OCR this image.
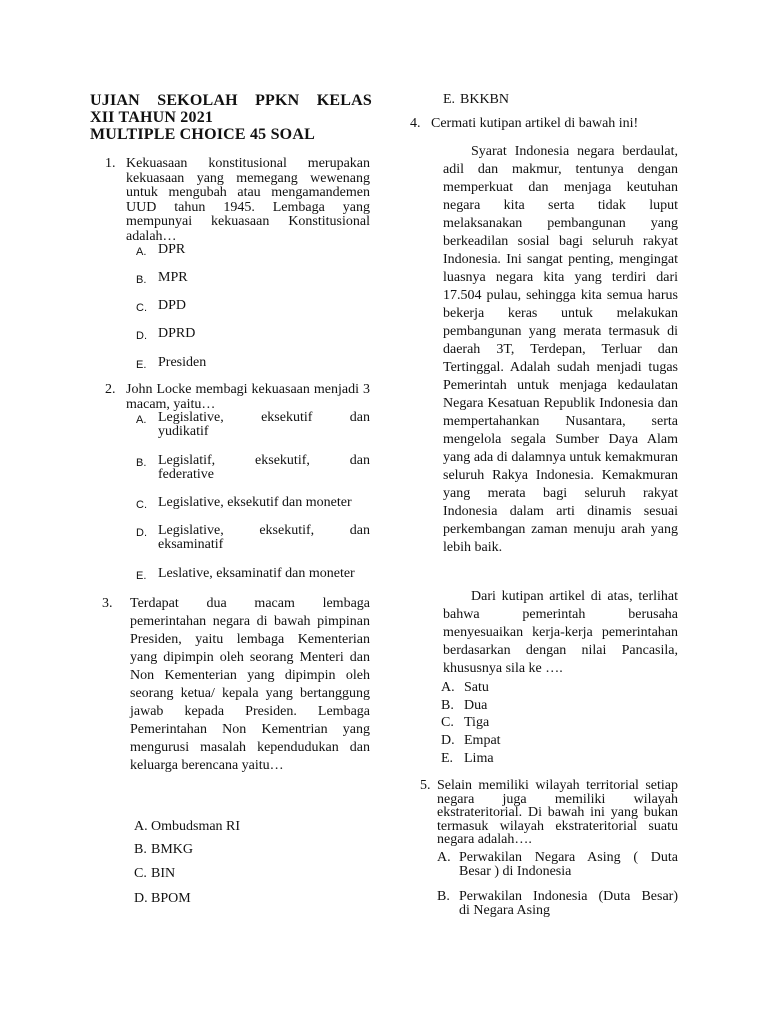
UJIAN SEKOLAH PPKN KELAS
XII TAHUN 2021
MULTIPLE CHOICE 45 SOAL
1. Kekuasaan konstitusional merupakan kekuasaan yang memegang wewenang untuk mengubah atau mengamandemen UUD tahun 1945. Lembaga yang mempunyai kekuasaan Konstitusional adalah…
A. DPR
B. MPR
C. DPD
D. DPRD
E. Presiden
2. John Locke membagi kekuasaan menjadi 3 macam, yaitu…
A. Legislative, eksekutif dan
yudikatif
B. Legislatif, eksekutif, dan
federative
C. Legislative, eksekutif dan moneter
D. Legislative, eksekutif, dan
eksaminatif
E. Leslative, eksaminatif dan moneter
3. Terdapat dua macam lembaga pemerintahan negara di bawah pimpinan Presiden, yaitu lembaga Kementerian yang dipimpin oleh seorang Menteri dan Non Kementerian yang dipimpin oleh seorang ketua/ kepala yang bertanggung jawab kepada Presiden. Lembaga Pemerintahan Non Kementrian yang mengurusi masalah kependudukan dan keluarga berencana yaitu…
A. Ombudsman RI
B. BMKG
C. BIN
D. BPOM
E. BKKBN
4. Cermati kutipan artikel di bawah ini!
Syarat Indonesia negara berdaulat, adil dan makmur, tentunya dengan memperkuat dan menjaga keutuhan negara kita serta tidak luput melaksanakan pembangunan yang berkeadilan sosial bagi seluruh rakyat Indonesia. Ini sangat penting, mengingat luasnya negara kita yang terdiri dari 17.504 pulau, sehingga kita semua harus bekerja keras untuk melakukan pembangunan yang merata termasuk di daerah 3T, Terdepan, Terluar dan Tertinggal. Adalah sudah menjadi tugas Pemerintah untuk menjaga kedaulatan Negara Kesatuan Republik Indonesia dan mempertahankan Nusantara, serta mengelola segala Sumber Daya Alam yang ada di dalamnya untuk kemakmuran seluruh Rakya Indonesia. Kemakmuran yang merata bagi seluruh rakyat Indonesia dalam arti dinamis sesuai perkembangan zaman menuju arah yang lebih baik.
Dari kutipan artikel di atas, terlihat bahwa pemerintah berusaha menyesuaikan kerja-kerja pemerintahan berdasarkan dengan nilai Pancasila, khususnya sila ke ….
A. Satu
B. Dua
C. Tiga
D. Empat
E. Lima
5. Selain memiliki wilayah territorial setiap negara juga memiliki wilayah ekstrateritorial. Di bawah ini yang bukan termasuk wilayah ekstrateritorial suatu negara adalah….
A. Perwakilan Negara Asing ( Duta
Besar ) di Indonesia
B. Perwakilan Indonesia (Duta Besar)
di Negara Asing
